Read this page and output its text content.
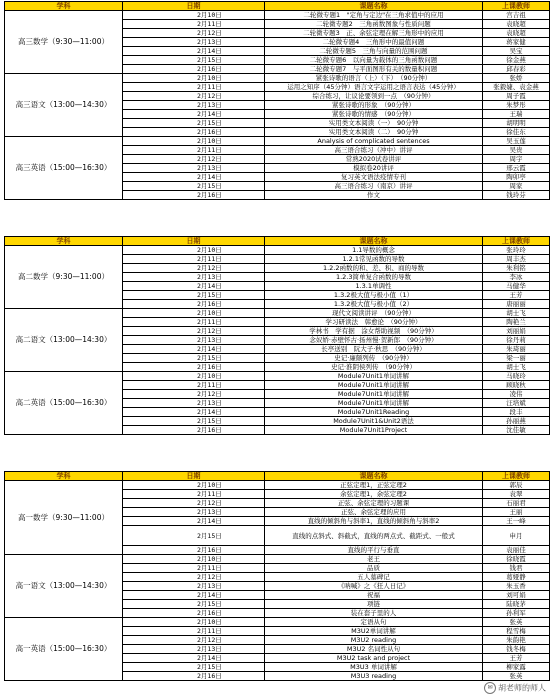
学科	日期	课题名称	上课教师
高三数学（9:30—11:00）	2月10日	二轮微专题1　"定角与定边"在三角求值中的应用	宫吉祖
	2月11日	二轮微专题2　三角函数图象与性质问题	袁晓超
	2月12日	二轮微专题3　正、余弦定理在解三角形中的应用	袁晓超
	2月13日	二轮微专题4　三角形中的最值问题	蒋家健
	2月14日	二轮微专题5　三角与向量的范围问题	吴宝
	2月15日	二轮微专题6　以向量为载体的三角函数问题	徐金燕
	2月16日	二轮微专题7　与平面图形有关的数量积问题	邱春彩
高三语文（13:00—14:30）	2月10日	紧张诗歌的语言（上）（下）　（90分钟）	张娇
	2月11日	运用之知序（45分钟）语言文字运用之语言表达（45分钟）	张毅婕、袁金燕
	2月12日	综合练习，让议论要领到一点　（90分钟）	周子霞
	2月13日	紧张诗歌的形象　（90分钟）	朱梦彤
	2月14日	紧张诗歌的情感　（90分钟）	王瑞
	2月15日	实用类文本阅读（一）　90分钟	胡明明
	2月16日	实用类文本阅读（二）　90分钟	徐佳东
高三英语（15:00—16:30）	2月10日	Analysis of complicated sentences	吴玉莲
	2月11日	高三语合练习（冲中）讲评	吴贵
	2月12日	常熟2020试卷讲评	周宇
	2月13日	模拟卷20讲评	邢云霞
	2月14日	复习英文语法疫情专刊	陶卯亭
	2月15日	高三语合练习（南京）讲评	周家
	2月16日	作文	钱玲芬
学科	日期	课题名称	上课教师
高二数学（9:30—11:00）	2月10日	1.1导数的概念	张玲玲
	2月11日	1.2.1常见函数的导数	周丰杰
	2月12日	1.2.2函数的和、差、积、商的导数	朱利铭
	2月13日	1.2.3简单复合函数的导数	李冰
	2月14日	1.3.1单调性	马健华
	2月15日	1.3.2极大值与极小值（1）	王芳
	2月16日	1.3.2极大值与极小值（2）	唐丽丽
高二语文（13:00—14:30）	2月10日	现代文阅读讲评　（90分钟）	胡士飞
	2月11日	学习研读法　韩愈论　（90分钟）	陶艳兰
	2月12日	学林书　学有据　涂女帮助视频　（90分钟）	刘丽娟
	2月13日	念奴娇·赤壁怀古·扬州慢·贺新郎　（90分钟）	徐丹莉
	2月14日	长亭送别　阮大子·秋思　（90分钟）	朱琦丽
	2月15日	史记·廉颇列传　（90分钟）	梁一丽
	2月16日	史记·淮阴侯列传　（90分钟）	胡士飞
高二英语（15:00—16:30）	2月10日	Module7Unit1单词讲解	马晓玲
	2月11日	Module7Unit1单词讲解	顾晓秋
	2月12日	Module7Unit1单词讲解	凌伟
	2月13日	Module7Unit1单词讲解	汪培斌
	2月14日	Module7Unit1Reading	段丰
	2月15日	Module7Unit1&Unit2语法	孙丽燕
	2月16日	Module7Unit1Project	沈佳敏
学科	日期	课题名称	上课教师
高一数学（9:30—11:00）	2月10日	正弦定理1，正弦定理2	郭辰
	2月11日	余弦定理1，余弦定理2	袁翠
	2月12日	正弦、余弦定理的习题课	石丽君
	2月13日	正弦、余弦定理的应用	王丽
	2月14日	直线的倾斜角与斜率1，直线的倾斜角与斜率2	王一峰
	2月15日	直线的点斜式、斜截式，直线的两点式、截距式、一般式	申月
	2月16日	直线的平行与垂直	袁丽佳
高一语文（13:00—14:30）	2月10日	老王	徐晓霞
	2月11日	品质	钱君
	2月12日	五人墓碑记	葛娅静
	2月13日	《呐喊》之《狂人日记》	朱玉香
	2月14日	祝福	刘可娟
	2月15日	项链	陆晓茅
	2月16日	装在套子里的人	孙利军
高一英语（15:00—16:30）	2月10日	定语从句	张英
	2月11日	M3U2单词讲解	程雪梅
	2月12日	M3U2 reading	朱韵艳
	2月13日	M3U2 名词性从句	钱冬梅
	2月14日	M3U2 task and project	王芳
	2月15日	M3U3 单词讲解	柳家露
	2月16日	M3U3 reading	张英
✉ 胡老师的师人
